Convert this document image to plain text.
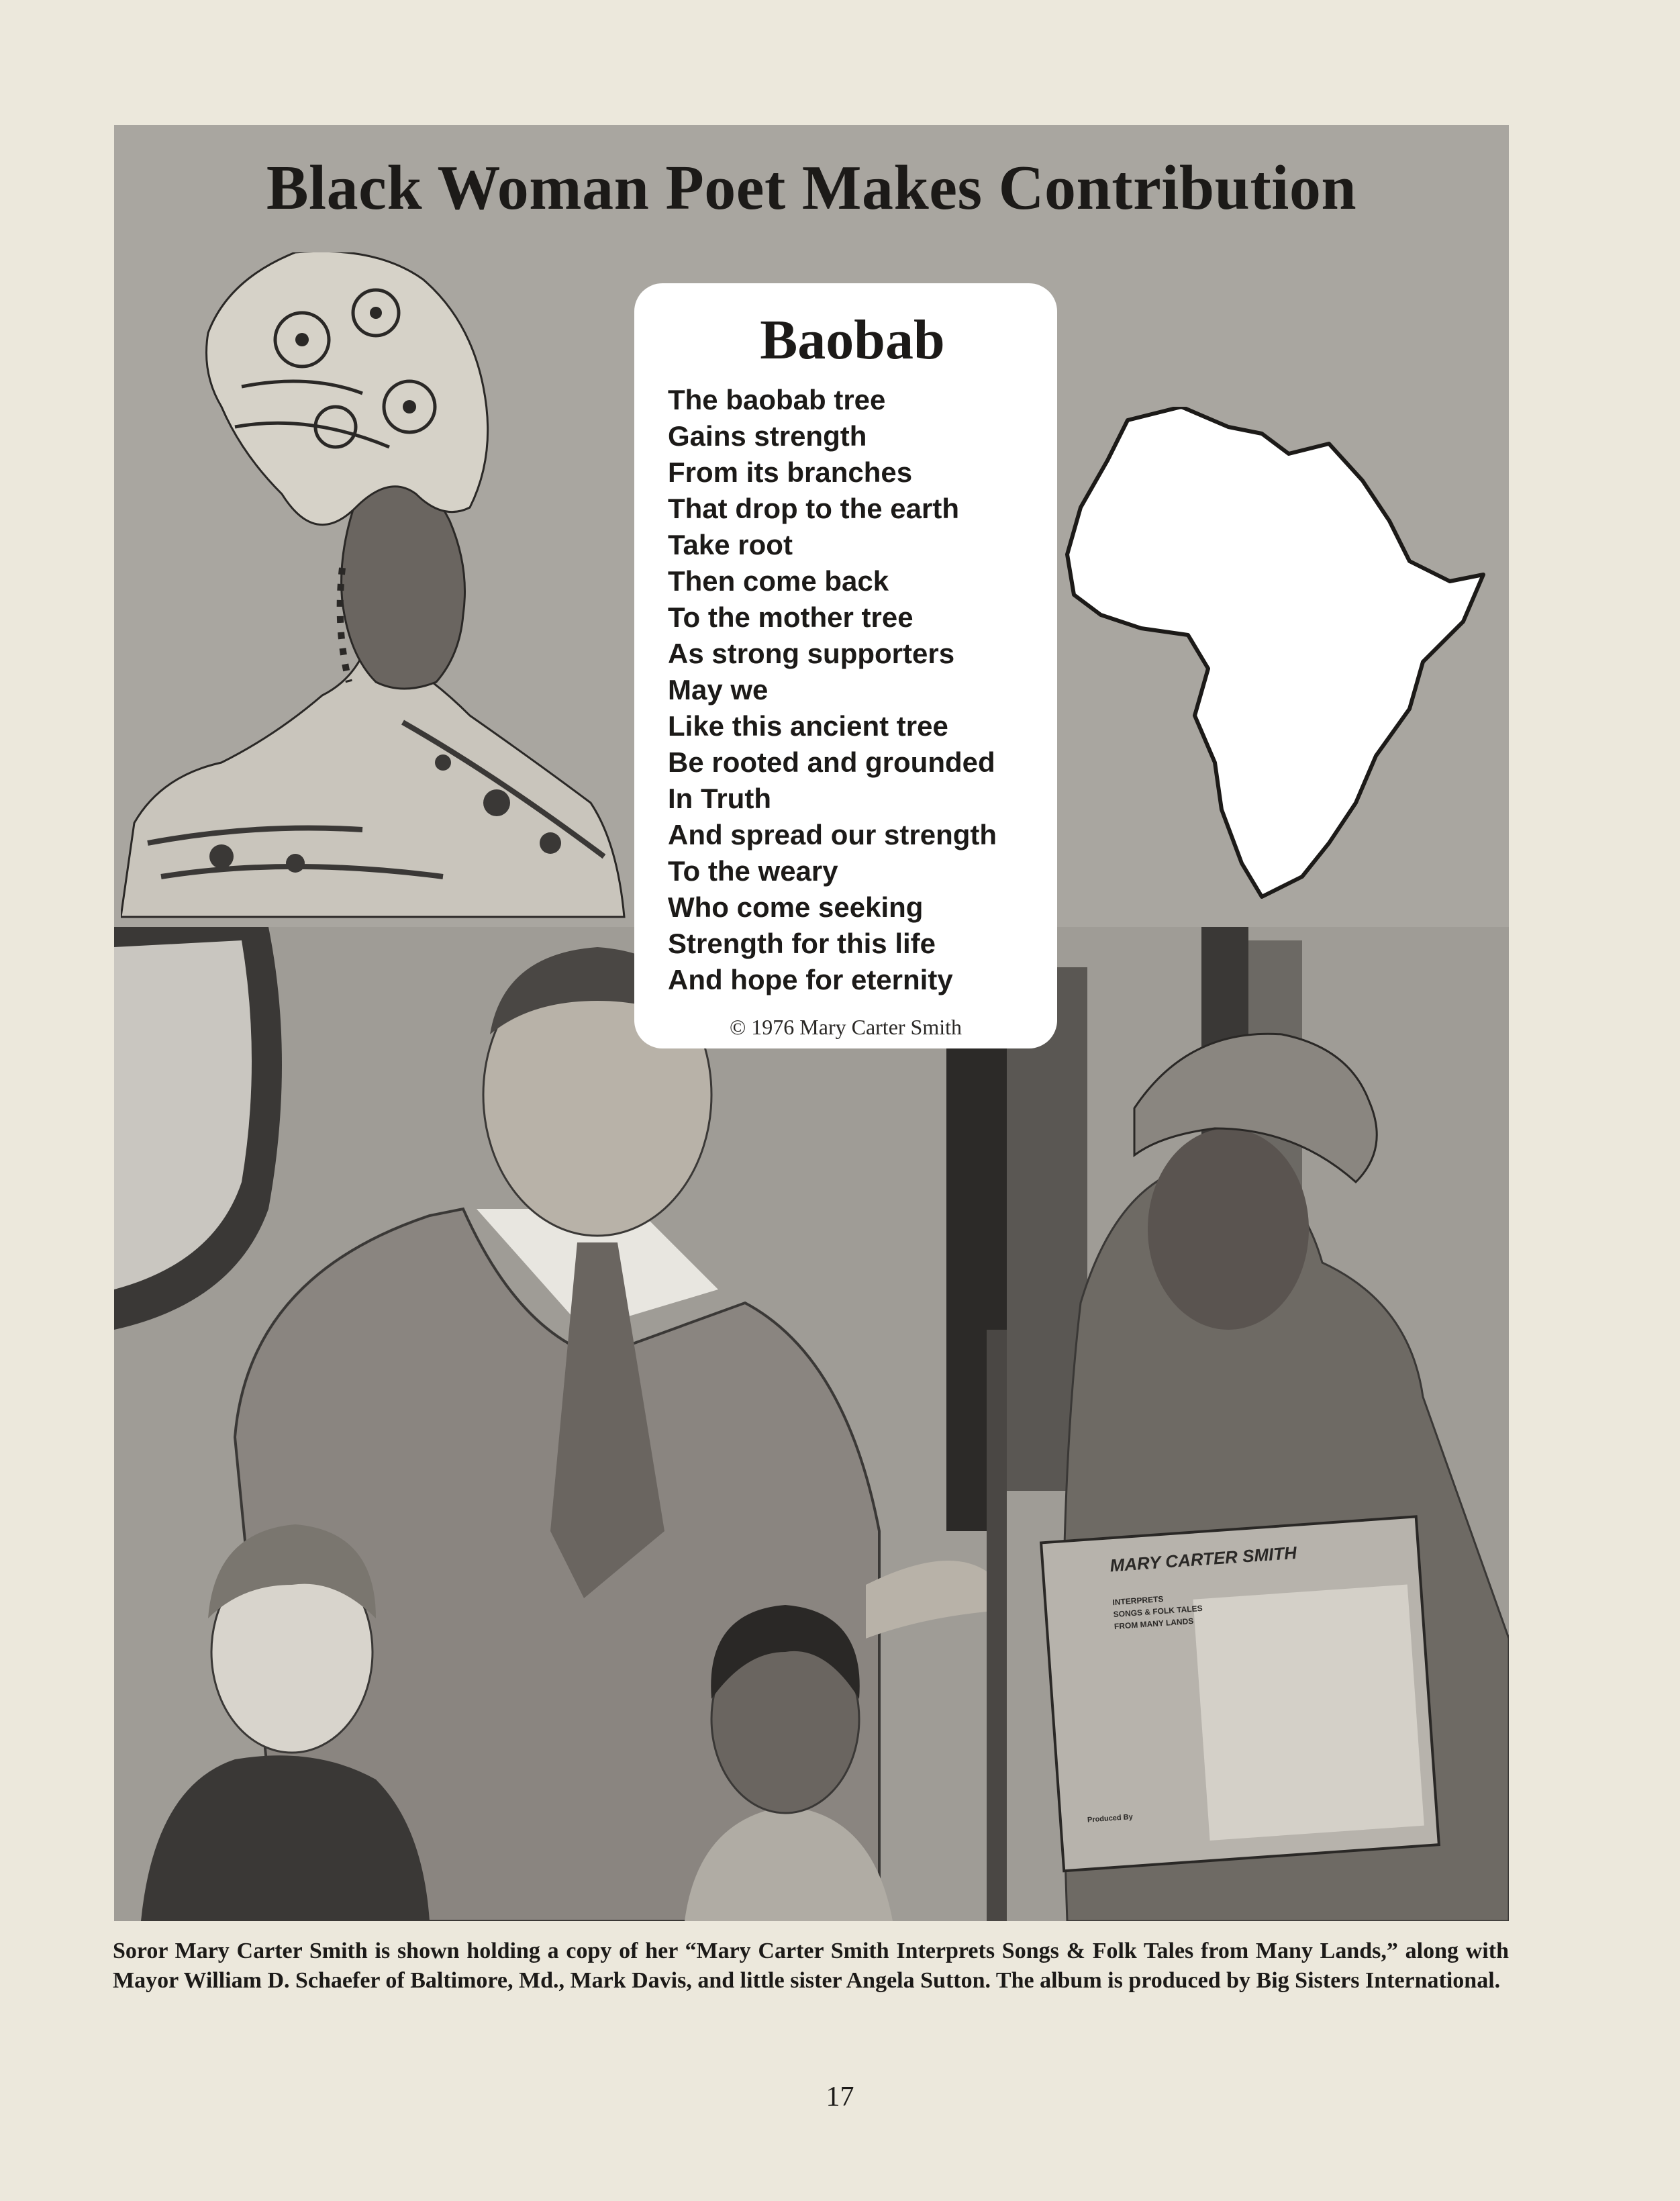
Black Woman Poet Makes Contribution
MARY CARTER SMITH
INTERPRETS
SONGS & FOLK TALES
FROM MANY LANDS
Produced By
Baobab
The baobab tree
Gains strength
From its branches
That drop to the earth
Take root
Then come back
To the mother tree
As strong supporters
May we
Like this ancient tree
Be rooted and grounded
In Truth
And spread our strength
To the weary
Who come seeking
Strength for this life
And hope for eternity
© 1976 Mary Carter Smith

Soror Mary Carter Smith is shown holding a copy of her “Mary Carter Smith Interprets Songs & Folk Tales from Many Lands,” along with Mayor William D. Schaefer of Baltimore, Md., Mark Davis, and little sister Angela Sutton. The album is produced by Big Sisters International.

17
